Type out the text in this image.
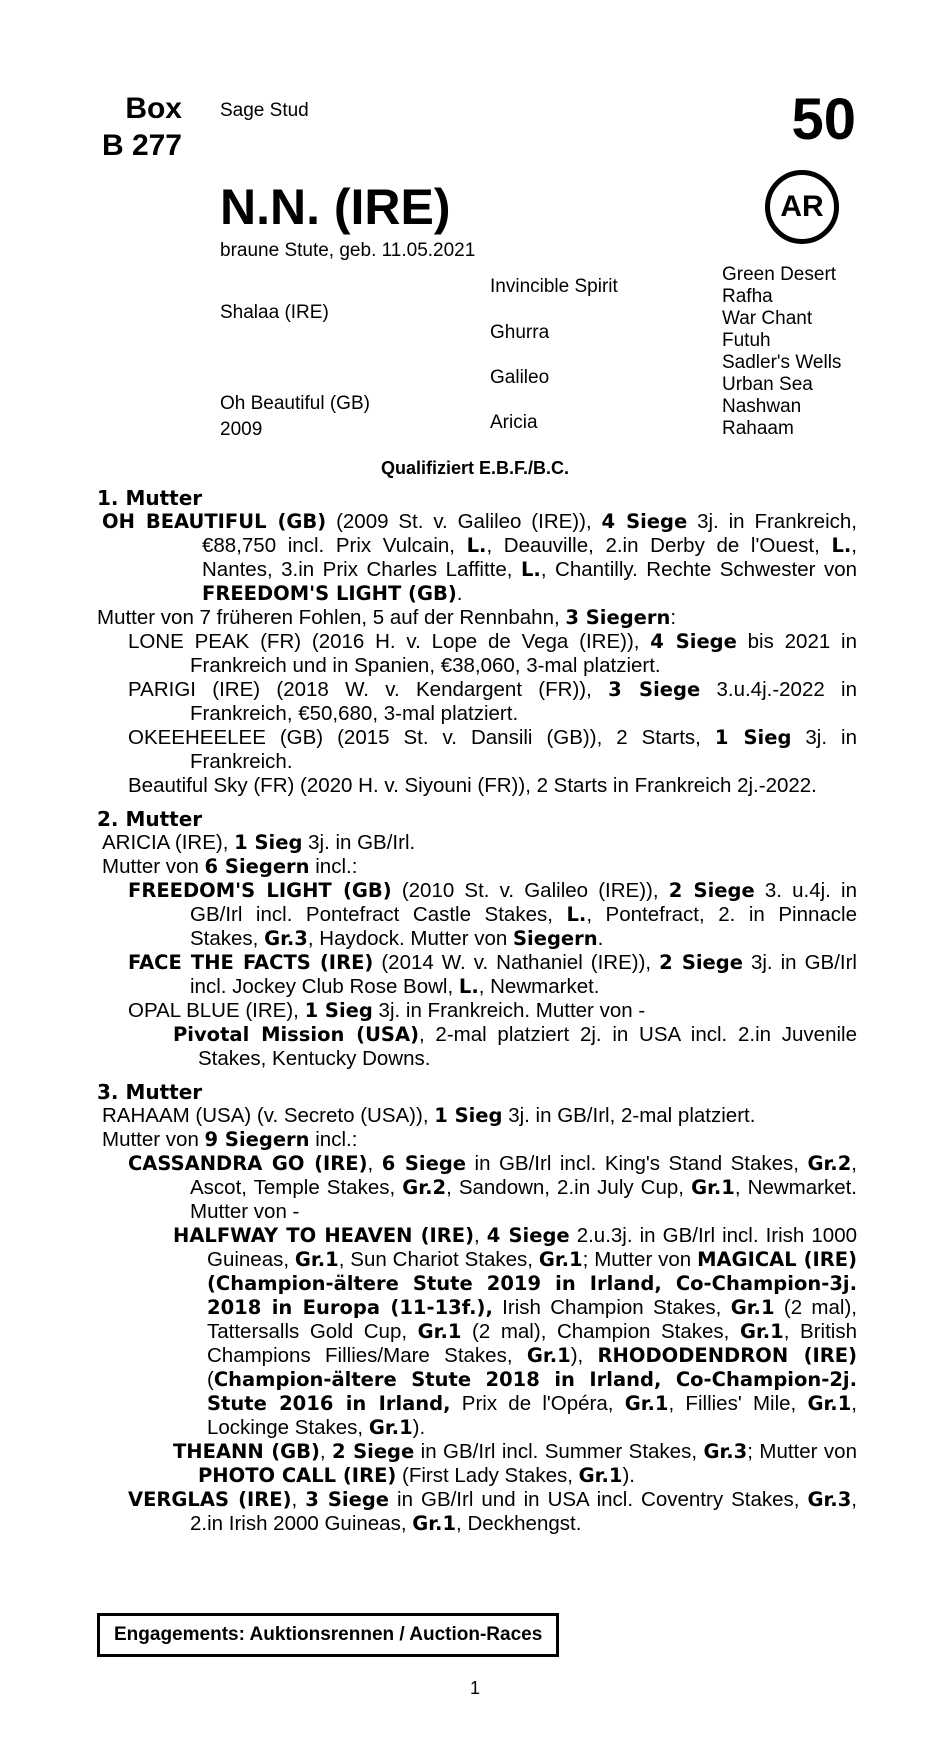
Box
B 277
Sage Stud	50
AR
N.N. (IRE)
braune Stute, geb. 11.05.2021
Shalaa (IRE)
Oh Beautiful (GB)
2009
Invincible Spirit
Ghurra
Galileo
Aricia
Green Desert
Rafha
War Chant
Futuh
Sadler's Wells
Urban Sea
Nashwan
Rahaam
Qualifiziert E.B.F./B.C.
1. Mutter
OH BEAUTIFUL (GB) (2009 St. v. Galileo (IRE)), 4 Siege 3j. in Frankreich, €88,750 incl. Prix Vulcain, L., Deauville, 2.in Derby de l'Ouest, L., Nantes, 3.in Prix Charles Laffitte, L., Chantilly. Rechte Schwester von FREEDOM'S LIGHT (GB).
Mutter von 7 früheren Fohlen, 5 auf der Rennbahn, 3 Siegern:
LONE PEAK (FR) (2016 H. v. Lope de Vega (IRE)), 4 Siege bis 2021 in Frankreich und in Spanien, €38,060, 3-mal platziert.
PARIGI (IRE) (2018 W. v. Kendargent (FR)), 3 Siege 3.u.4j.-2022 in Frankreich, €50,680, 3-mal platziert.
OKEEHEELEE (GB) (2015 St. v. Dansili (GB)), 2 Starts, 1 Sieg 3j. in Frankreich.
Beautiful Sky (FR) (2020 H. v. Siyouni (FR)), 2 Starts in Frankreich 2j.-2022.
2. Mutter
ARICIA (IRE), 1 Sieg 3j. in GB/Irl.
Mutter von 6 Siegern incl.:
FREEDOM'S LIGHT (GB) (2010 St. v. Galileo (IRE)), 2 Siege 3. u.4j. in GB/Irl incl. Pontefract Castle Stakes, L., Pontefract, 2. in Pinnacle Stakes, Gr.3, Haydock. Mutter von Siegern.
FACE THE FACTS (IRE) (2014 W. v. Nathaniel (IRE)), 2 Siege 3j. in GB/Irl incl. Jockey Club Rose Bowl, L., Newmarket.
OPAL BLUE (IRE), 1 Sieg 3j. in Frankreich. Mutter von -
Pivotal Mission (USA), 2-mal platziert 2j. in USA incl. 2.in Juvenile Stakes, Kentucky Downs.
3. Mutter
RAHAAM (USA) (v. Secreto (USA)), 1 Sieg 3j. in GB/Irl, 2-mal platziert.
Mutter von 9 Siegern incl.:
CASSANDRA GO (IRE), 6 Siege in GB/Irl incl. King's Stand Stakes, Gr.2, Ascot, Temple Stakes, Gr.2, Sandown, 2.in July Cup, Gr.1, Newmarket. Mutter von -
HALFWAY TO HEAVEN (IRE), 4 Siege 2.u.3j. in GB/Irl incl. Irish 1000 Guineas, Gr.1, Sun Chariot Stakes, Gr.1; Mutter von MAGICAL (IRE) (Champion-ältere Stute 2019 in Irland, Co-Champion-3j. 2018 in Europa (11-13f.), Irish Champion Stakes, Gr.1 (2 mal), Tattersalls Gold Cup, Gr.1 (2 mal), Champion Stakes, Gr.1, British Champions Fillies/Mare Stakes, Gr.1), RHODODENDRON (IRE) (Champion-ältere Stute 2018 in Irland, Co-Champion-2j. Stute 2016 in Irland, Prix de l'Opéra, Gr.1, Fillies' Mile, Gr.1, Lockinge Stakes, Gr.1).
THEANN (GB), 2 Siege in GB/Irl incl. Summer Stakes, Gr.3; Mutter von PHOTO CALL (IRE) (First Lady Stakes, Gr.1).
VERGLAS (IRE), 3 Siege in GB/Irl und in USA incl. Coventry Stakes, Gr.3, 2.in Irish 2000 Guineas, Gr.1, Deckhengst.
Engagements: Auktionsrennen / Auction-Races
1
